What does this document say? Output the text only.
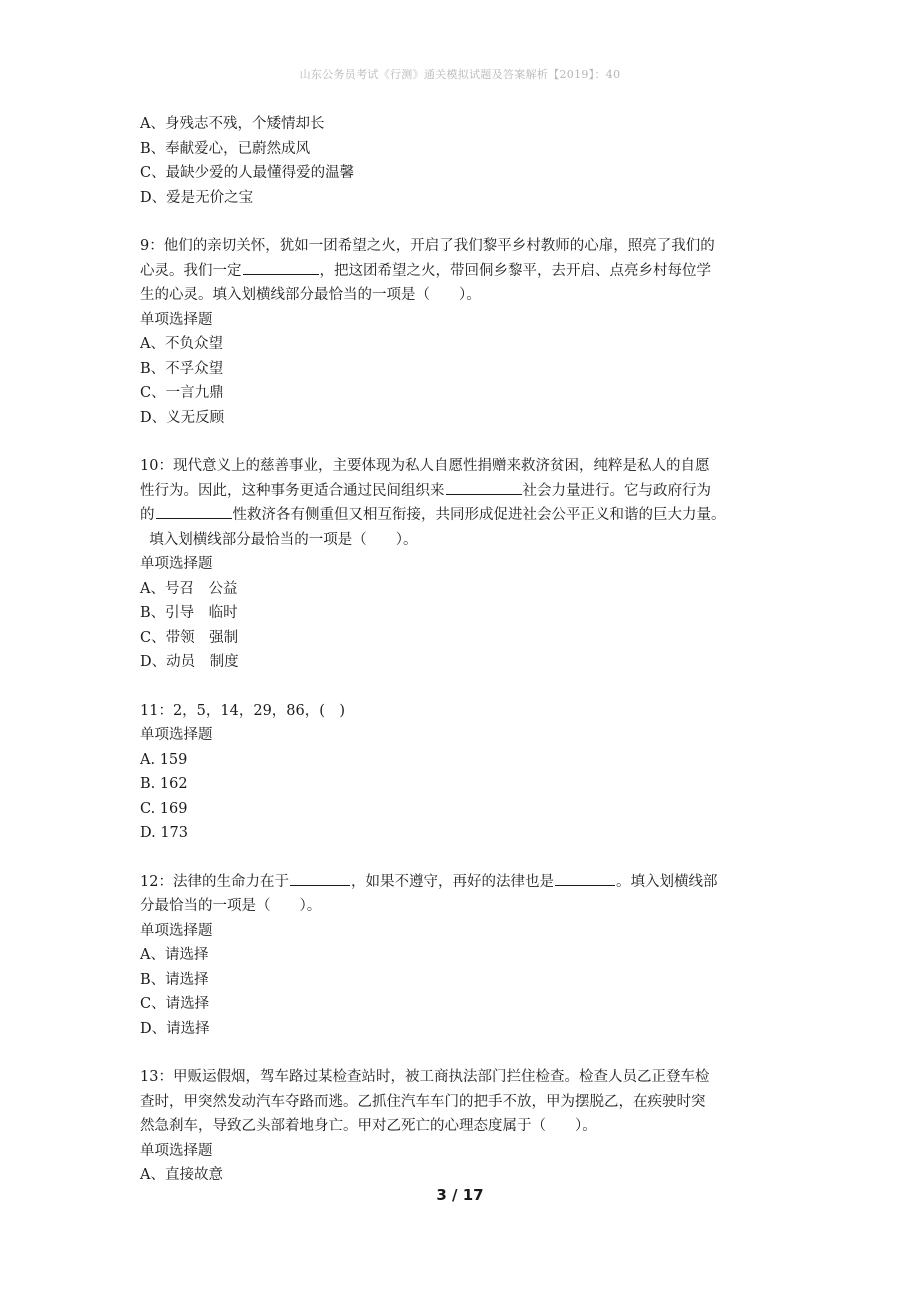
山东公务员考试《行测》通关模拟试题及答案解析【2019】：40
A、身残志不残，个矮情却长
B、奉献爱心，已蔚然成风
C、最缺少爱的人最懂得爱的温馨
D、爱是无价之宝
9：他们的亲切关怀，犹如一团希望之火，开启了我们黎平乡村教师的心扉，照亮了我们的
心灵。我们一定	，把这团希望之火，带回侗乡黎平，去开启、点亮乡村每位学
生的心灵。填入划横线部分最恰当的一项是（　　）。
单项选择题
A、不负众望
B、不孚众望
C、一言九鼎
D、义无反顾
10：现代意义上的慈善事业，主要体现为私人自愿性捐赠来救济贫困，纯粹是私人的自愿
性行为。因此，这种事务更适合通过民间组织来	社会力量进行。它与政府行为
的	性救济各有侧重但又相互衔接，共同形成促进社会公平正义和谐的巨大力量。
填入划横线部分最恰当的一项是（　　）。
单项选择题
A、号召　公益
B、引导　临时
C、带领　强制
D、动员　制度
11：2，5，14，29，86，(　)
单项选择题
A. 159
B. 162
C. 169
D. 173
12：法律的生命力在于	，如果不遵守，再好的法律也是	。填入划横线部
分最恰当的一项是（　　）。
单项选择题
A、请选择
B、请选择
C、请选择
D、请选择
13：甲贩运假烟，驾车路过某检查站时，被工商执法部门拦住检查。检查人员乙正登车检
查时，甲突然发动汽车夺路而逃。乙抓住汽车车门的把手不放，甲为摆脱乙，在疾驶时突
然急刹车，导致乙头部着地身亡。甲对乙死亡的心理态度属于（　　）。
单项选择题
A、直接故意
3 / 17
